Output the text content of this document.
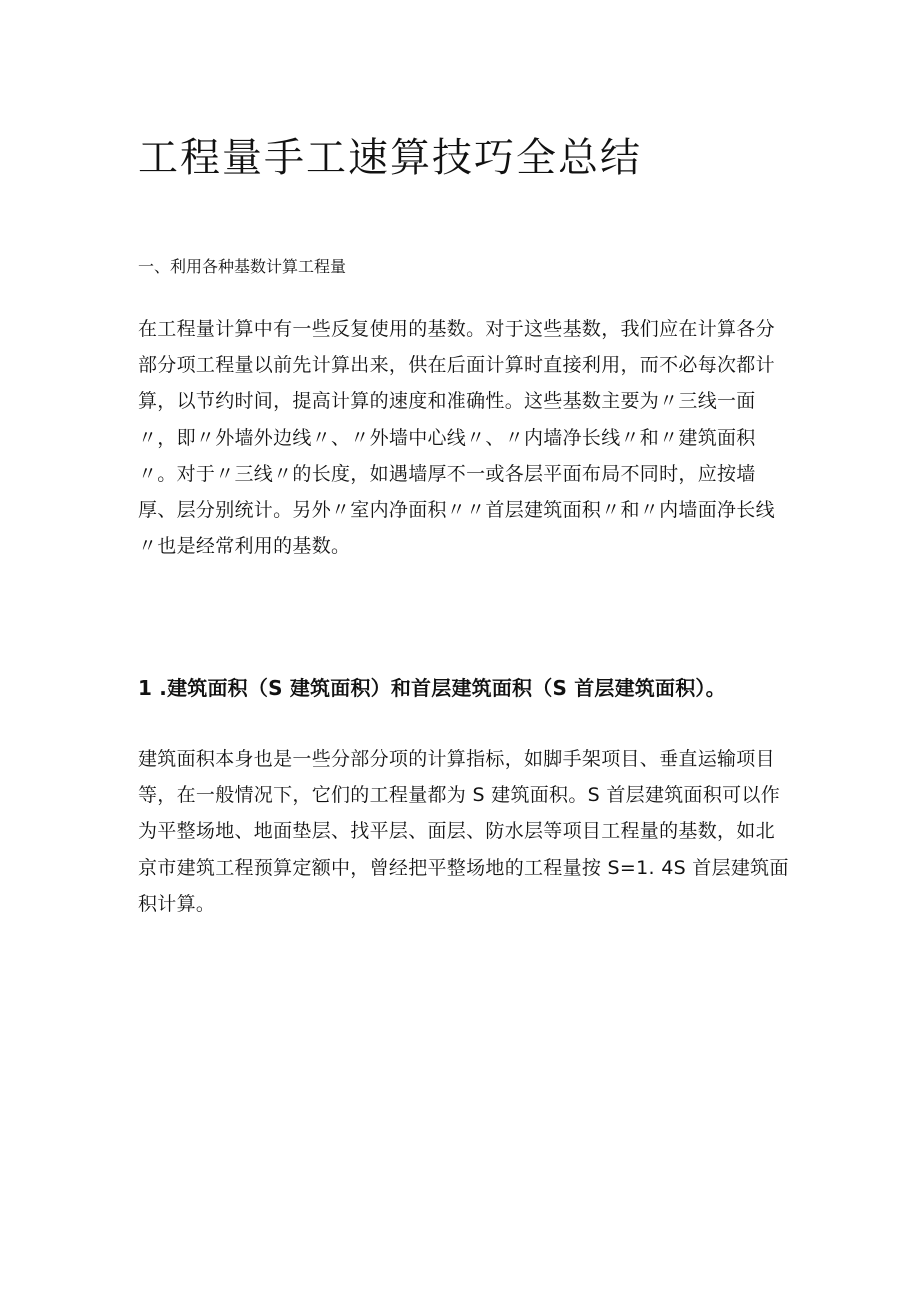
工程量手工速算技巧全总结
一、利用各种基数计算工程量

在工程量计算中有一些反复使用的基数。对于这些基数，我们应在计算各分部分项工程量以前先计算出来，供在后面计算时直接利用，而不必每次都计算，以节约时间，提高计算的速度和准确性。这些基数主要为〃三线一面〃，即〃外墙外边线〃、〃外墙中心线〃、〃内墙净长线〃和〃建筑面积〃。对于〃三线〃的长度，如遇墙厚不一或各层平面布局不同时，应按墙厚、层分别统计。另外〃室内净面积〃〃首层建筑面积〃和〃内墙面净长线〃也是经常利用的基数。

1 .建筑面积（S 建筑面积）和首层建筑面积（S 首层建筑面积）。

建筑面积本身也是一些分部分项的计算指标，如脚手架项目、垂直运输项目等，在一般情况下，它们的工程量都为 S 建筑面积。S 首层建筑面积可以作为平整场地、地面垫层、找平层、面层、防水层等项目工程量的基数，如北京市建筑工程预算定额中，曾经把平整场地的工程量按 S=1. 4S 首层建筑面积计算。
